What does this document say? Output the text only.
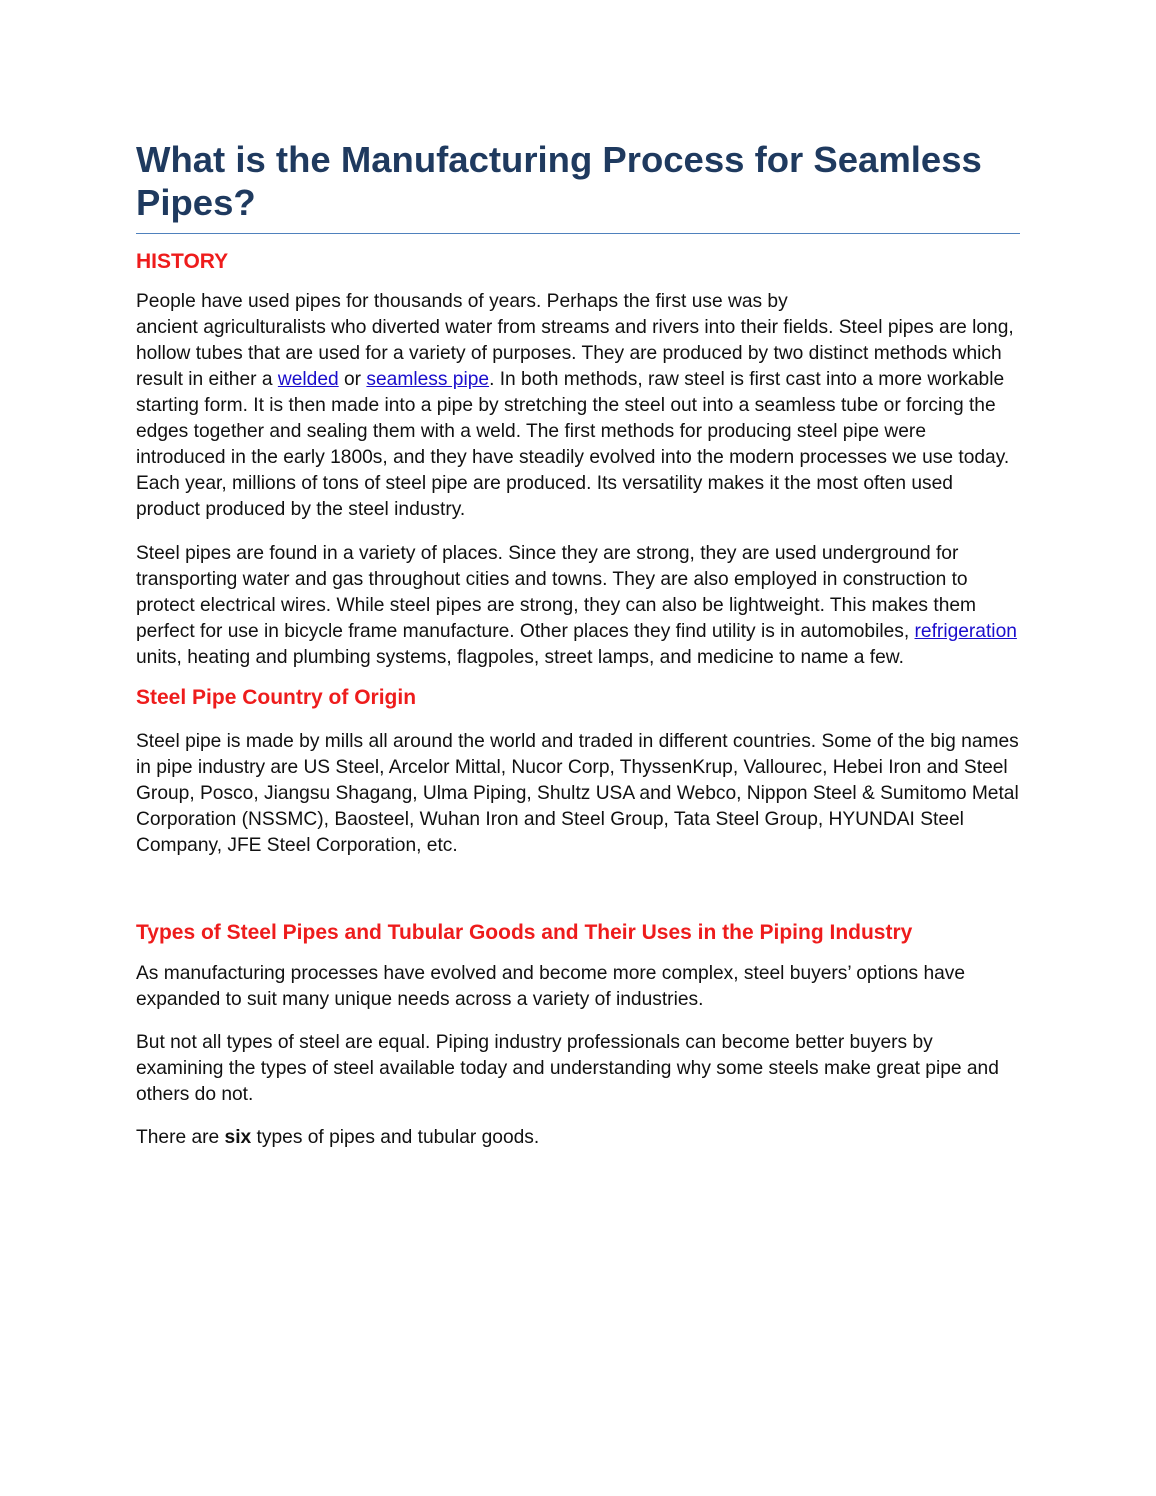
What is the Manufacturing Process for Seamless Pipes?
HISTORY

People have used pipes for thousands of years. Perhaps the first use was by
ancient agriculturalists who diverted water from streams and rivers into their fields. Steel pipes are long, hollow tubes that are used for a variety of purposes. They are produced by two distinct methods which result in either a welded or seamless pipe. In both methods, raw steel is first cast into a more workable starting form. It is then made into a pipe by stretching the steel out into a seamless tube or forcing the edges together and sealing them with a weld. The first methods for producing steel pipe were introduced in the early 1800s, and they have steadily evolved into the modern processes we use today. Each year, millions of tons of steel pipe are produced. Its versatility makes it the most often used product produced by the steel industry.

Steel pipes are found in a variety of places. Since they are strong, they are used underground for transporting water and gas throughout cities and towns. They are also employed in construction to protect electrical wires. While steel pipes are strong, they can also be lightweight. This makes them perfect for use in bicycle frame manufacture. Other places they find utility is in automobiles, refrigeration units, heating and plumbing systems, flagpoles, street lamps, and medicine to name a few.

Steel Pipe Country of Origin

Steel pipe is made by mills all around the world and traded in different countries. Some of the big names in pipe industry are US Steel, Arcelor Mittal, Nucor Corp, ThyssenKrup, Vallourec, Hebei Iron and Steel Group, Posco, Jiangsu Shagang, Ulma Piping, Shultz USA and Webco, Nippon Steel & Sumitomo Metal Corporation (NSSMC), Baosteel, Wuhan Iron and Steel Group, Tata Steel Group, HYUNDAI Steel Company, JFE Steel Corporation, etc.

Types of Steel Pipes and Tubular Goods and Their Uses in the Piping Industry

As manufacturing processes have evolved and become more complex, steel buyers’ options have expanded to suit many unique needs across a variety of industries.

But not all types of steel are equal. Piping industry professionals can become better buyers by examining the types of steel available today and understanding why some steels make great pipe and others do not.

There are six types of pipes and tubular goods.
